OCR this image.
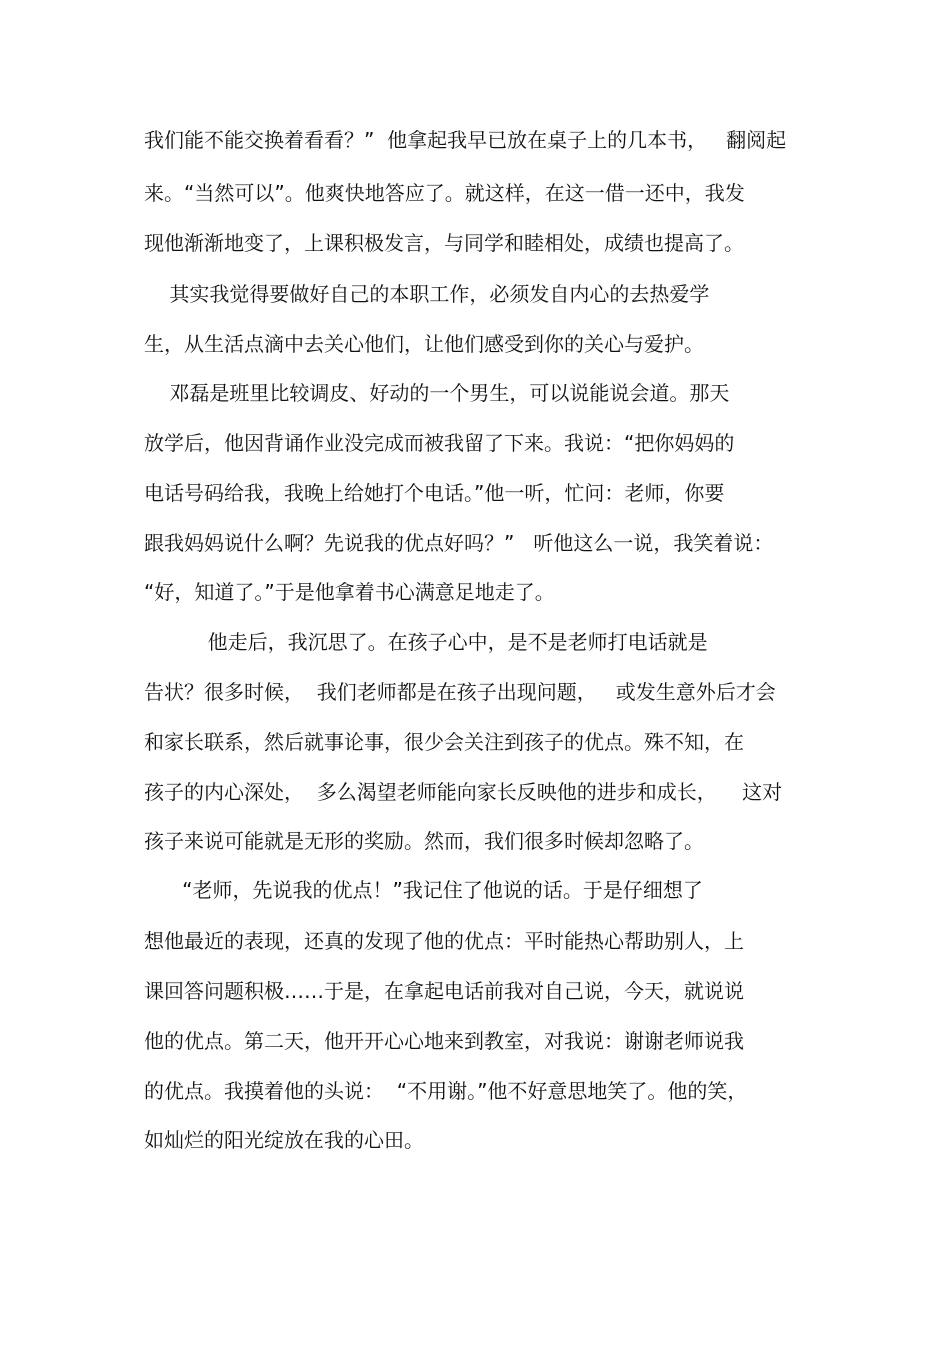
我们能不能交换着看看？”  他拿起我早已放在桌子上的几本书，   翻阅起

来。“当然可以”。他爽快地答应了。就这样，在这一借一还中，我发

现他渐渐地变了，上课积极发言，与同学和睦相处，成绩也提高了。

其实我觉得要做好自己的本职工作，必须发自内心的去热爱学

生，从生活点滴中去关心他们，让他们感受到你的关心与爱护。

邓磊是班里比较调皮、好动的一个男生，可以说能说会道。那天

放学后，他因背诵作业没完成而被我留了下来。我说：“把你妈妈的

电话号码给我，我晚上给她打个电话。”他一听，忙问：老师，你要

跟我妈妈说什么啊？先说我的优点好吗？”   听他这么一说，我笑着说：

“好，知道了。”于是他拿着书心满意足地走了。

他走后，我沉思了。在孩子心中，是不是老师打电话就是

告状？很多时候，  我们老师都是在孩子出现问题，   或发生意外后才会

和家长联系，然后就事论事，很少会关注到孩子的优点。殊不知，在

孩子的内心深处，  多么渴望老师能向家长反映他的进步和成长，    这对

孩子来说可能就是无形的奖励。然而，我们很多时候却忽略了。

“老师，先说我的优点！”我记住了他说的话。于是仔细想了

想他最近的表现，还真的发现了他的优点：平时能热心帮助别人，上

课回答问题积极……于是，在拿起电话前我对自己说，今天，就说说

他的优点。第二天，他开开心心地来到教室，对我说：谢谢老师说我

的优点。我摸着他的头说：  “不用谢。”他不好意思地笑了。他的笑，

如灿烂的阳光绽放在我的心田。
